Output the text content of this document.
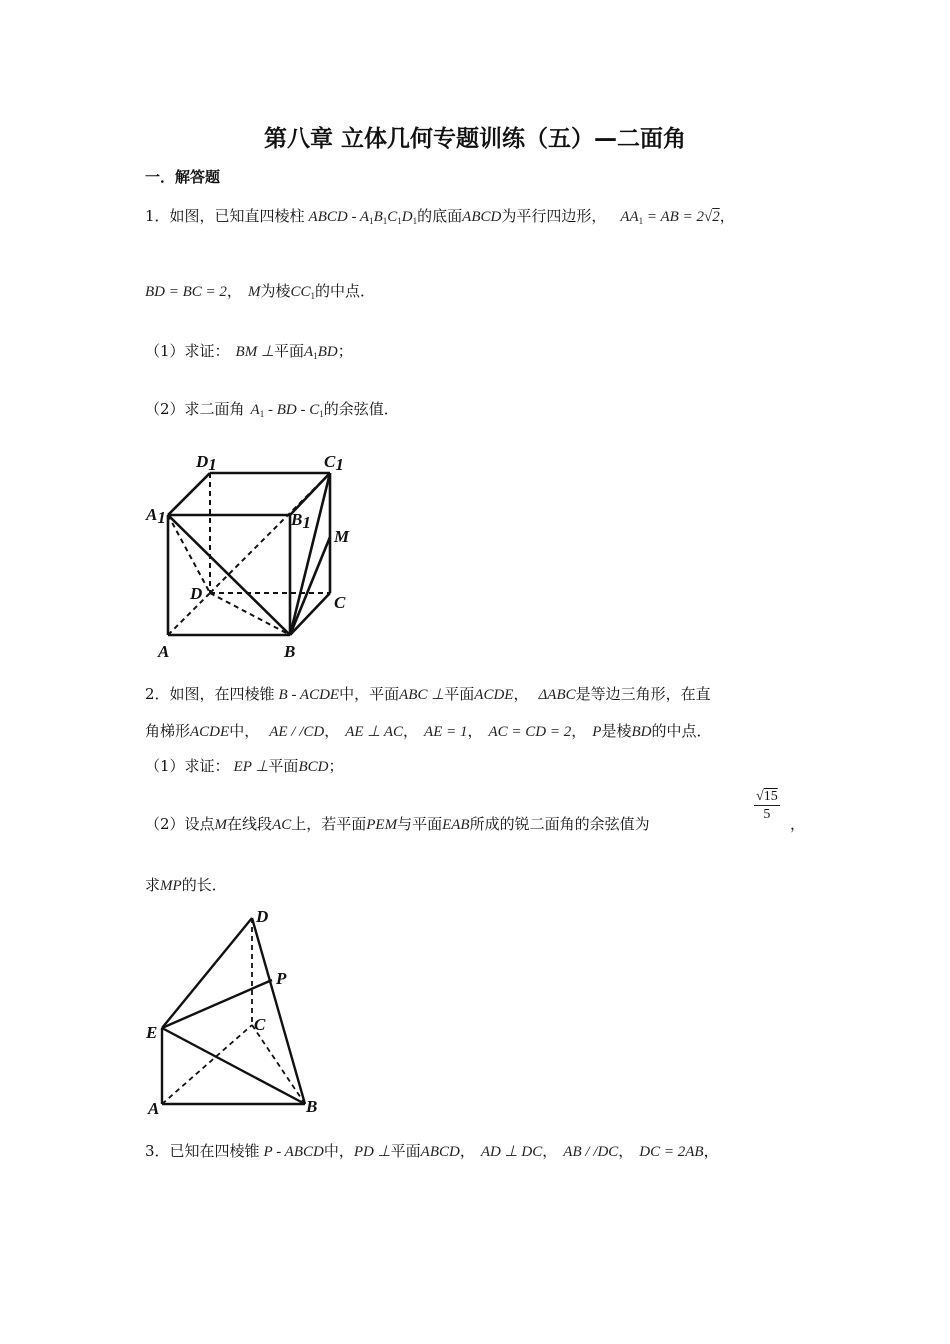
第八章 立体几何专题训练（五）—二面角
一．解答题
1．如图，已知直四棱柱 ABCD - $A_1B_1C_1D_1$的底面ABCD为平行四边形， $AA_1$ = AB = 2√2，
BD = BC = 2， M为棱$CC_1$的中点．
（1）求证： BM ⊥平面$A_1BD$；
（2）求二面角 $A_1$ - BD - $C_1$的余弦值．
D1	C1
A1	B1
M
D	C
A	B
2．如图，在四棱锥 B - ACDE中，平面ABC ⊥平面ACDE， ΔABC是等边三角形，在直
角梯形ACDE中， AE / /CD， AE ⊥ AC， AE = 1， AC = CD = 2， P是棱BD的中点．
（1）求证： EP ⊥平面BCD；
（2）设点M在线段AC上，若平面PEM与平面EAB所成的锐二面角的余弦值为
$\frac{√15}{5}$
，
求MP的长．
D
P
C
E
A	B
3．已知在四棱锥 P - ABCD中，PD ⊥平面ABCD， AD ⊥ DC， AB / /DC， DC = 2AB，
